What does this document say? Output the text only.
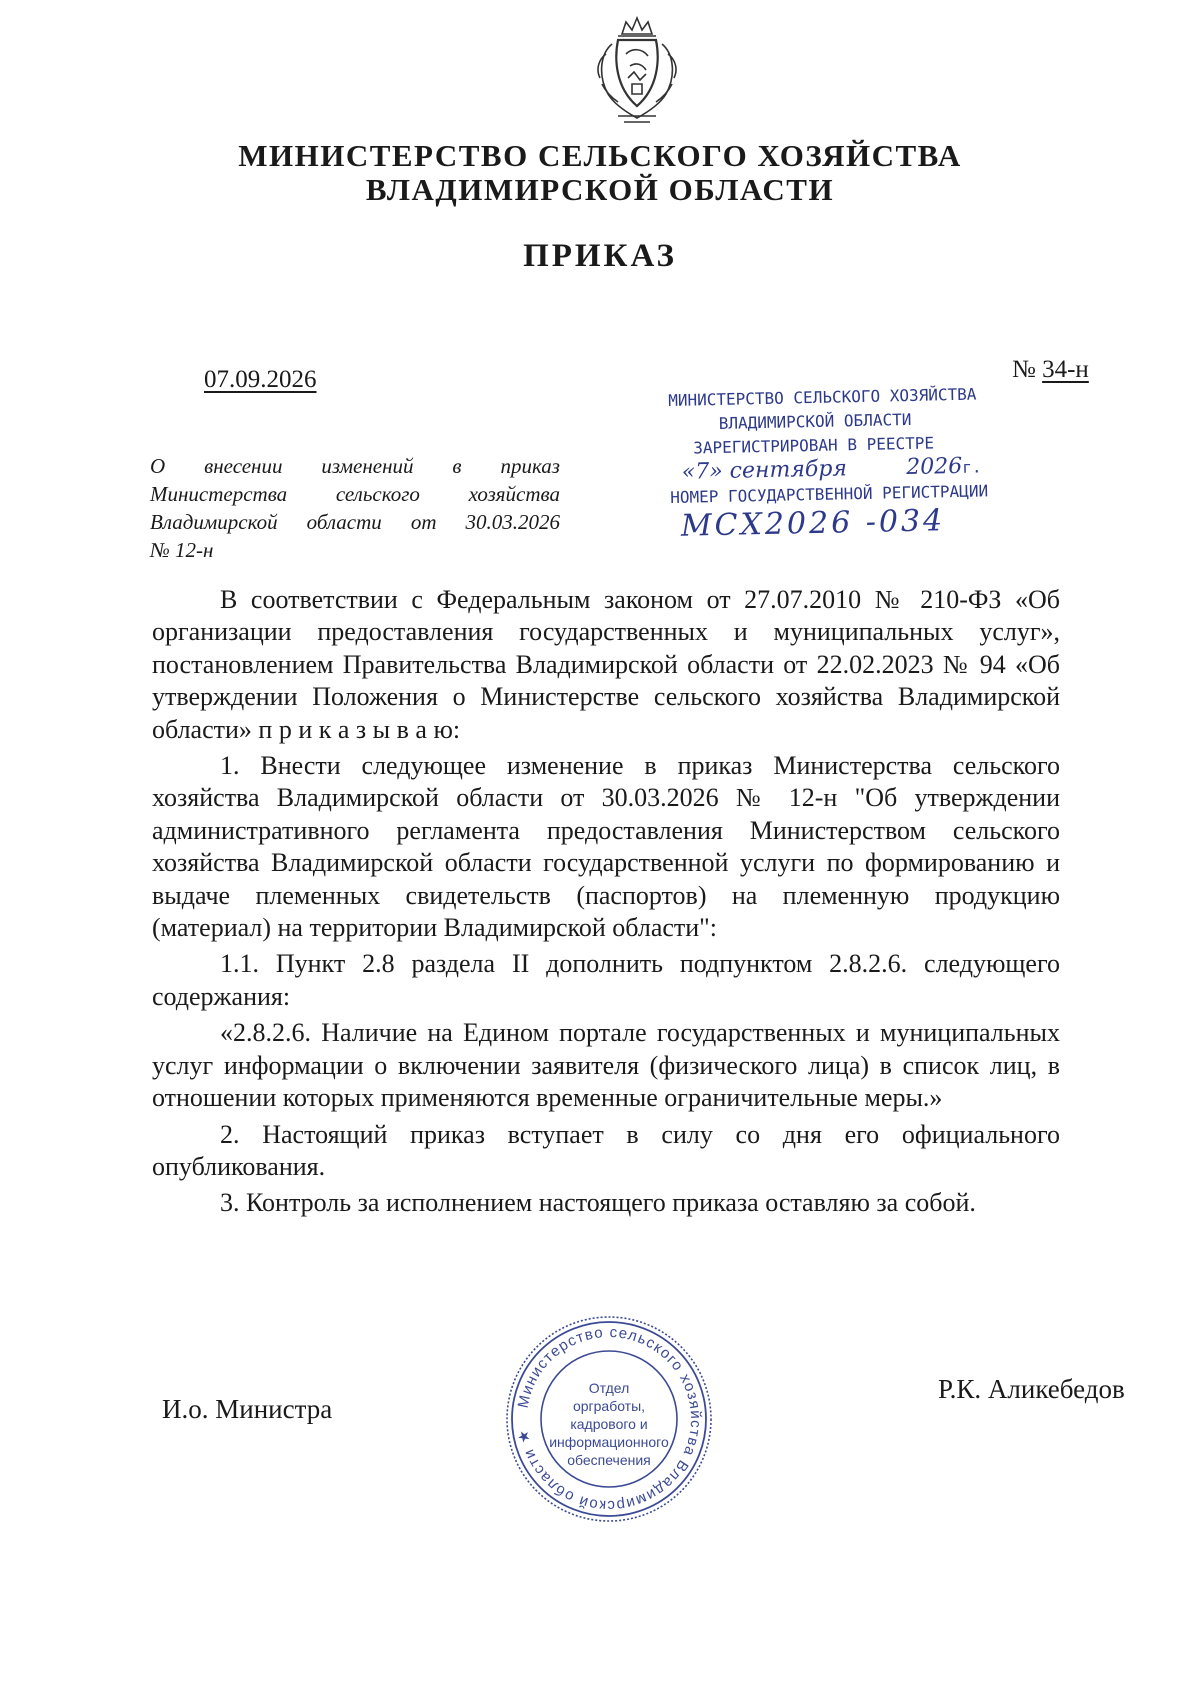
МИНИСТЕРСТВО СЕЛЬСКОГО ХОЗЯЙСТВА
ВЛАДИМИРСКОЙ ОБЛАСТИ
ПРИКАЗ
07.09.2026	№ 34-н
МИНИСТЕРСТВО СЕЛЬСКОГО ХОЗЯЙСТВА
ВЛАДИМИРСКОЙ ОБЛАСТИ
ЗАРЕГИСТРИРОВАН В РЕЕСТРЕ
«7» сентября	2026г.
НОМЕР ГОСУДАРСТВЕННОЙ РЕГИСТРАЦИИ
МСХ2026 -034
О внесении изменений в приказ
Министерства сельского хозяйства
Владимирской области от 30.03.2026
№ 12-н

В соответствии с Федеральным законом от 27.07.2010 № 210-ФЗ «Об организации предоставления государственных и муниципальных услуг», постановлением Правительства Владимирской области от 22.02.2023 № 94 «Об утверждении Положения о Министерстве сельского хозяйства Владимирской области» п р и к а з ы в а ю:

1. Внести следующее изменение в приказ Министерства сельского хозяйства Владимирской области от 30.03.2026 № 12-н "Об утверждении административного регламента предоставления Министерством сельского хозяйства Владимирской области государственной услуги по формированию и выдаче племенных свидетельств (паспортов) на племенную продукцию (материал) на территории Владимирской области":

1.1. Пункт 2.8 раздела II дополнить подпунктом 2.8.2.6. следующего содержания:

«2.8.2.6. Наличие на Едином портале государственных и муниципальных услуг информации о включении заявителя (физического лица) в список лиц, в отношении которых применяются временные ограничительные меры.»

2. Настоящий приказ вступает в силу со дня его официального опубликования.

3. Контроль за исполнением настоящего приказа оставляю за собой.

И.о. Министра
Р.К. Аликебедов
Министерство сельского хозяйства Владимирской области ★
Отдел
оргработы,
кадрового и
информационного
обеспечения
